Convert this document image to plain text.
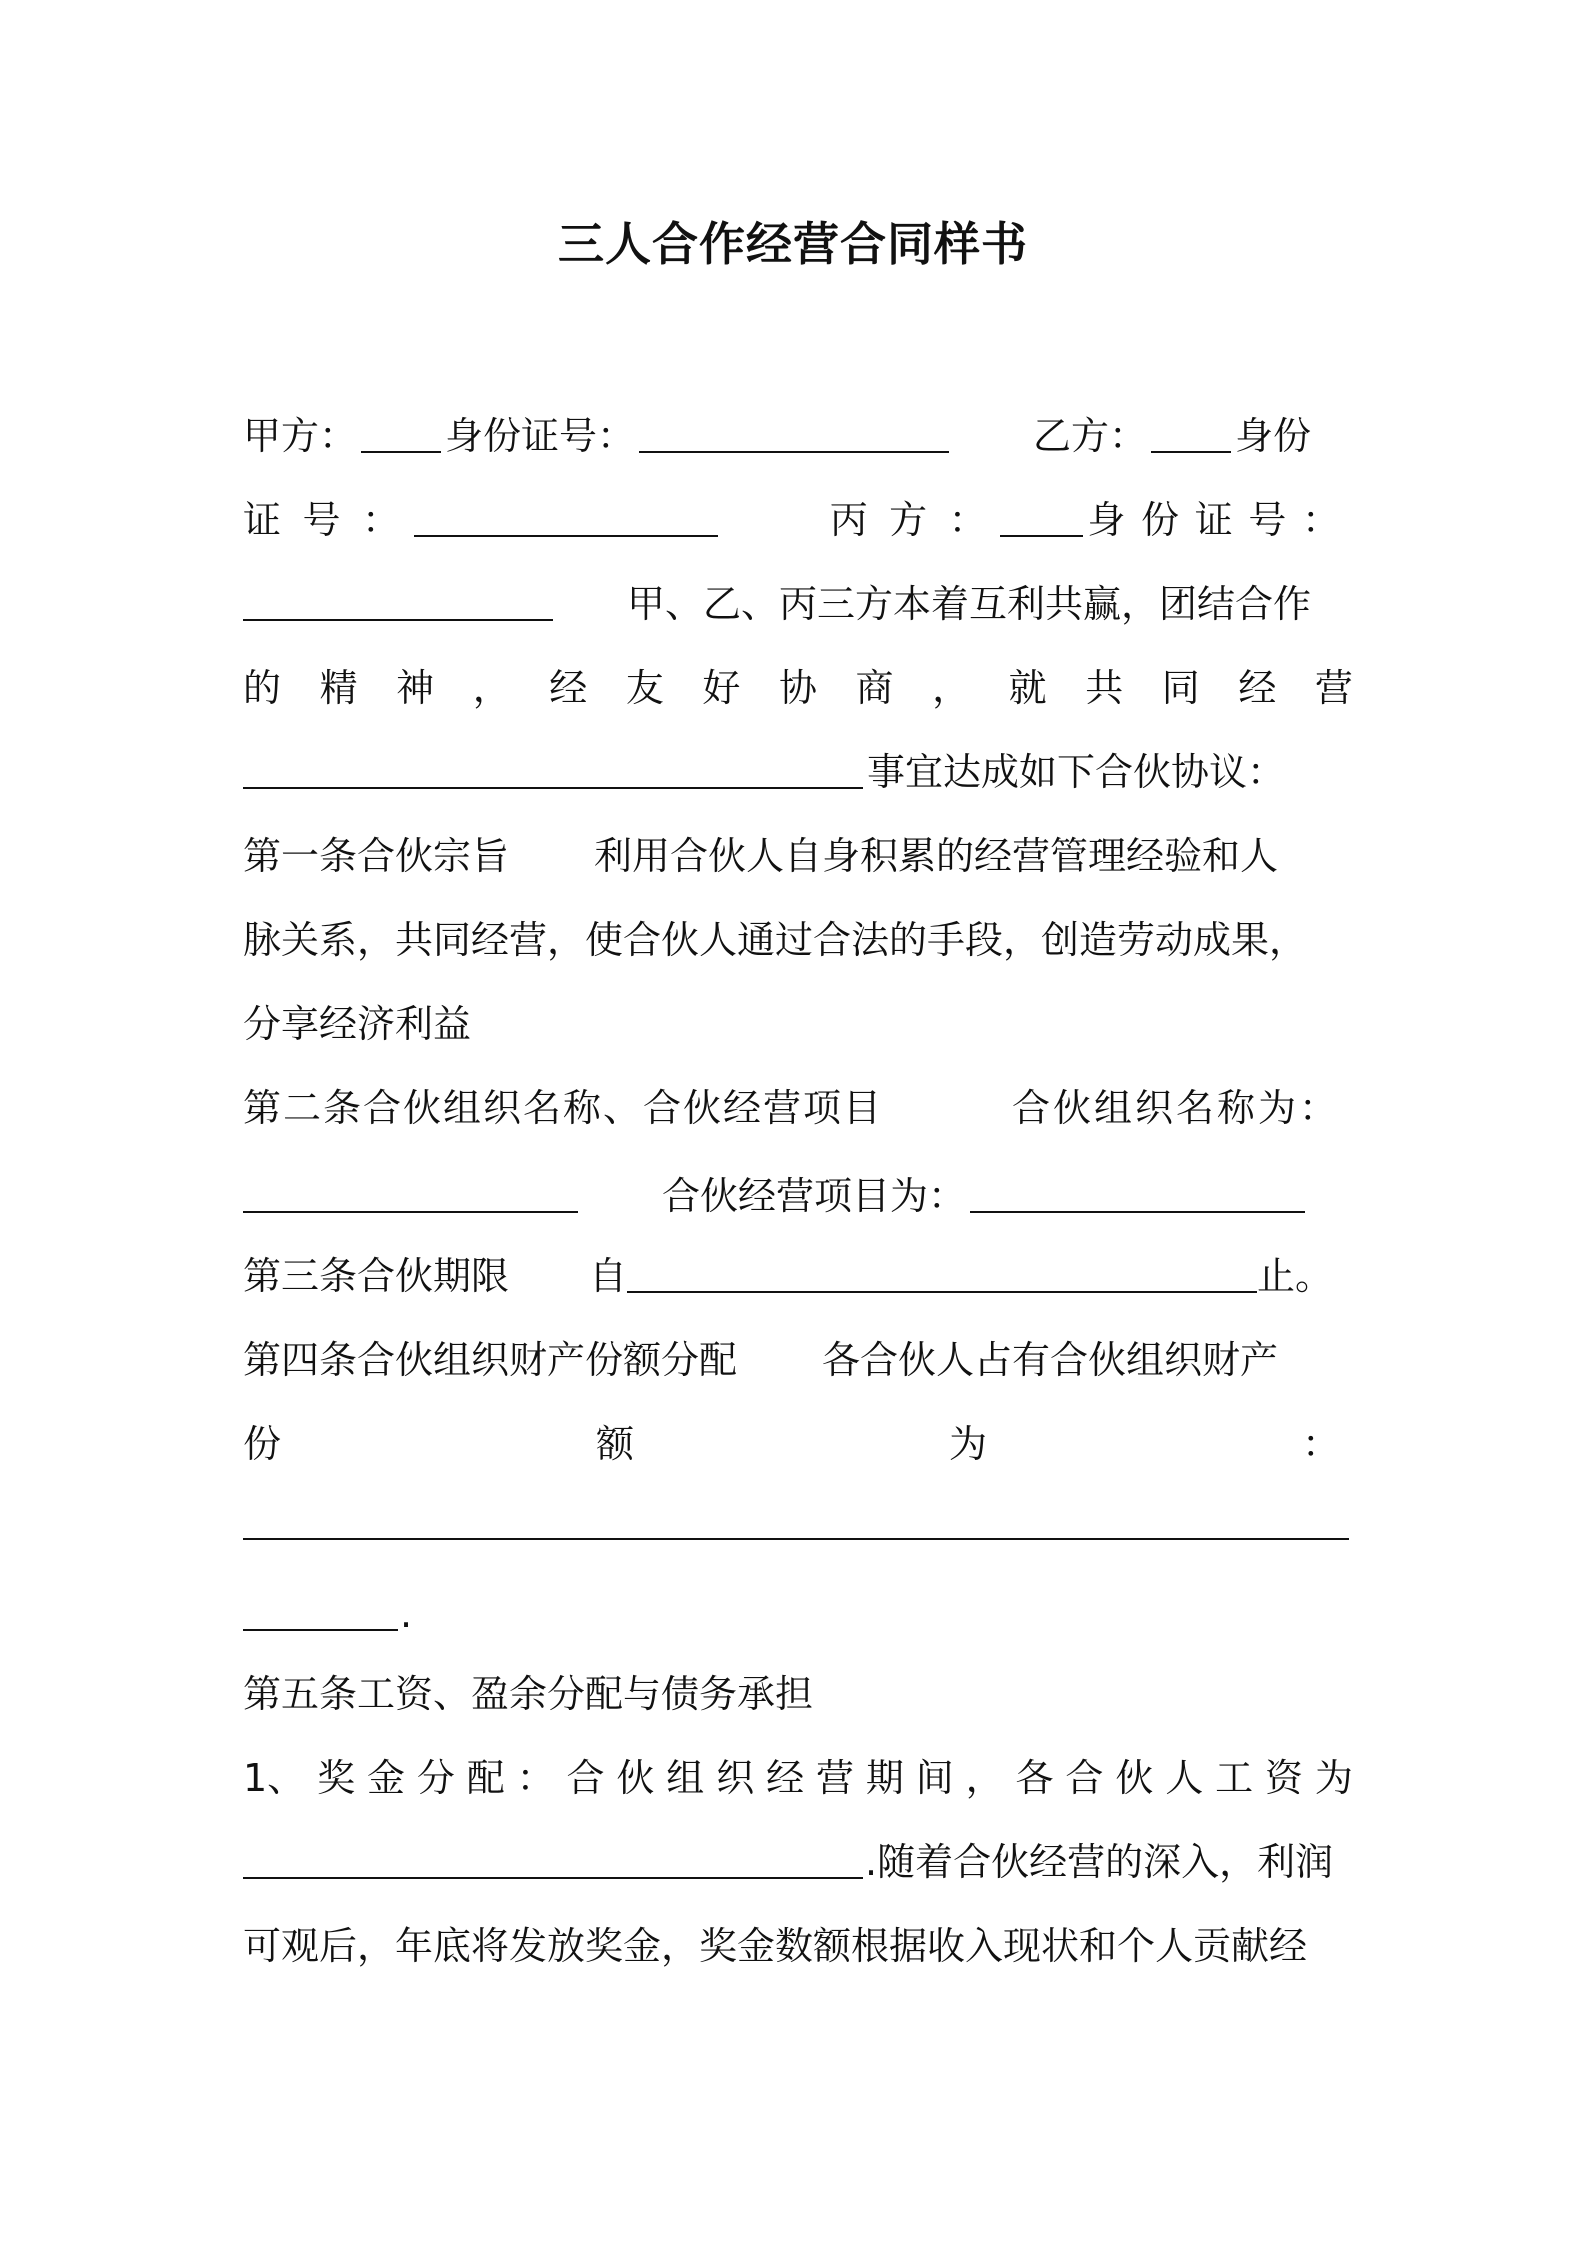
三人合作经营合同样书
甲方： 身份证号：	乙方： 身份
证 号 ：	丙 方 ：	身 份 证 号 ：
甲、乙、丙三方本着互利共赢，团结合作
的 精 神 ， 经 友 好 协 商 ， 就 共 同 经 营
事宜达成如下合伙协议：
第一条合伙宗旨 利用合伙人自身积累的经营管理经验和人
脉关系，共同经营，使合伙人通过合法的手段，创造劳动成果，
分享经济利益
第二条合伙组织名称、合伙经营项目	合伙组织名称为：
合伙经营项目为：
第三条合伙期限 自	止。
第四条合伙组织财产份额分配 各合伙人占有合伙组织财产
份	额	为	：
.
第五条工资、盈余分配与债务承担
1、 奖 金 分 配 ： 合 伙 组 织 经 营 期 间 ， 各 合 伙 人 工 资 为
.随着合伙经营的深入，利润
可观后，年底将发放奖金，奖金数额根据收入现状和个人贡献经
